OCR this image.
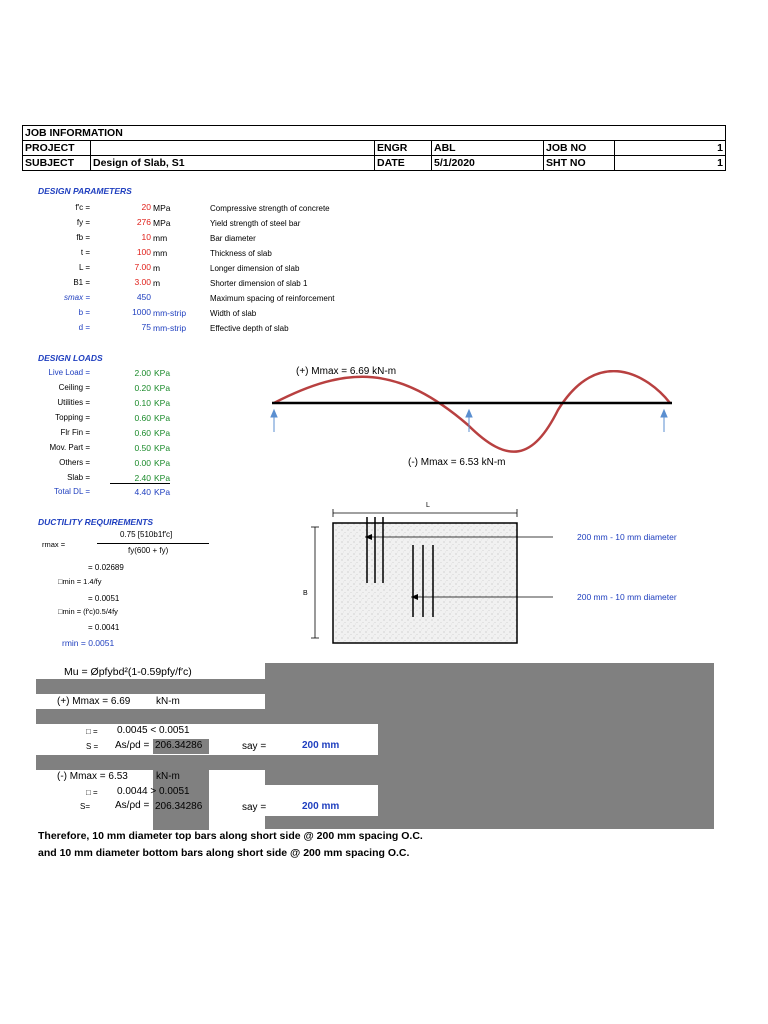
JOB INFORMATION					
PROJECT		ENGR	ABL	JOB NO	1
SUBJECT	Design of Slab, S1	DATE	5/1/2020	SHT NO	1
DESIGN PARAMETERS
f′c =	20 MPa	Compressive strength of concrete
fy =	276 MPa	Yield strength of steel bar
fb =	10 mm	Bar diameter
t =	100 mm	Thickness of slab
L =	7.00 m	Longer dimension of slab
B1 =	3.00 m	Shorter dimension of slab 1
smax =	450	Maximum spacing of reinforcement
b =	1000 mm-strip	Width of slab
d =	75 mm-strip	Effective depth of slab
DESIGN LOADS
Live Load =	2.00 KPa
Ceiling =	0.20 KPa
Utilities =	0.10 KPa
Topping =	0.60 KPa
Flr Fin =	0.60 KPa
Mov. Part =	0.50 KPa
Others =	0.00 KPa
Slab =	2.40 KPa
Total DL =	4.40 KPa
(+) Mmax = 6.69 kN-m
(-) Mmax = 6.53 kN-m
DUCTILITY REQUIREMENTS
rmax =
0.75 [510b1f′c]
fy(600 + fy)
= 0.02689
□min = 1.4/fy
= 0.0051
□min = (f′c)0.5/4fy
= 0.0041
rmin = 0.0051
L
B
200 mm - 10 mm diameter
200 mm - 10 mm diameter
Mu = Øpfybd²(1-0.59pfy/f′c)
(+) Mmax = 6.69	kN-m
□ = 0.0045 < 0.0051
S = As/ρd = 206.34286	say =	200 mm
(-) Mmax = 6.53	kN-m
□ = 0.0044 > 0.0051
S= As/ρd = 206.34286	say =	200 mm
Therefore, 10 mm diameter top bars along short side @ 200 mm spacing O.C.
and 10 mm diameter bottom bars along short side @ 200 mm spacing O.C.
